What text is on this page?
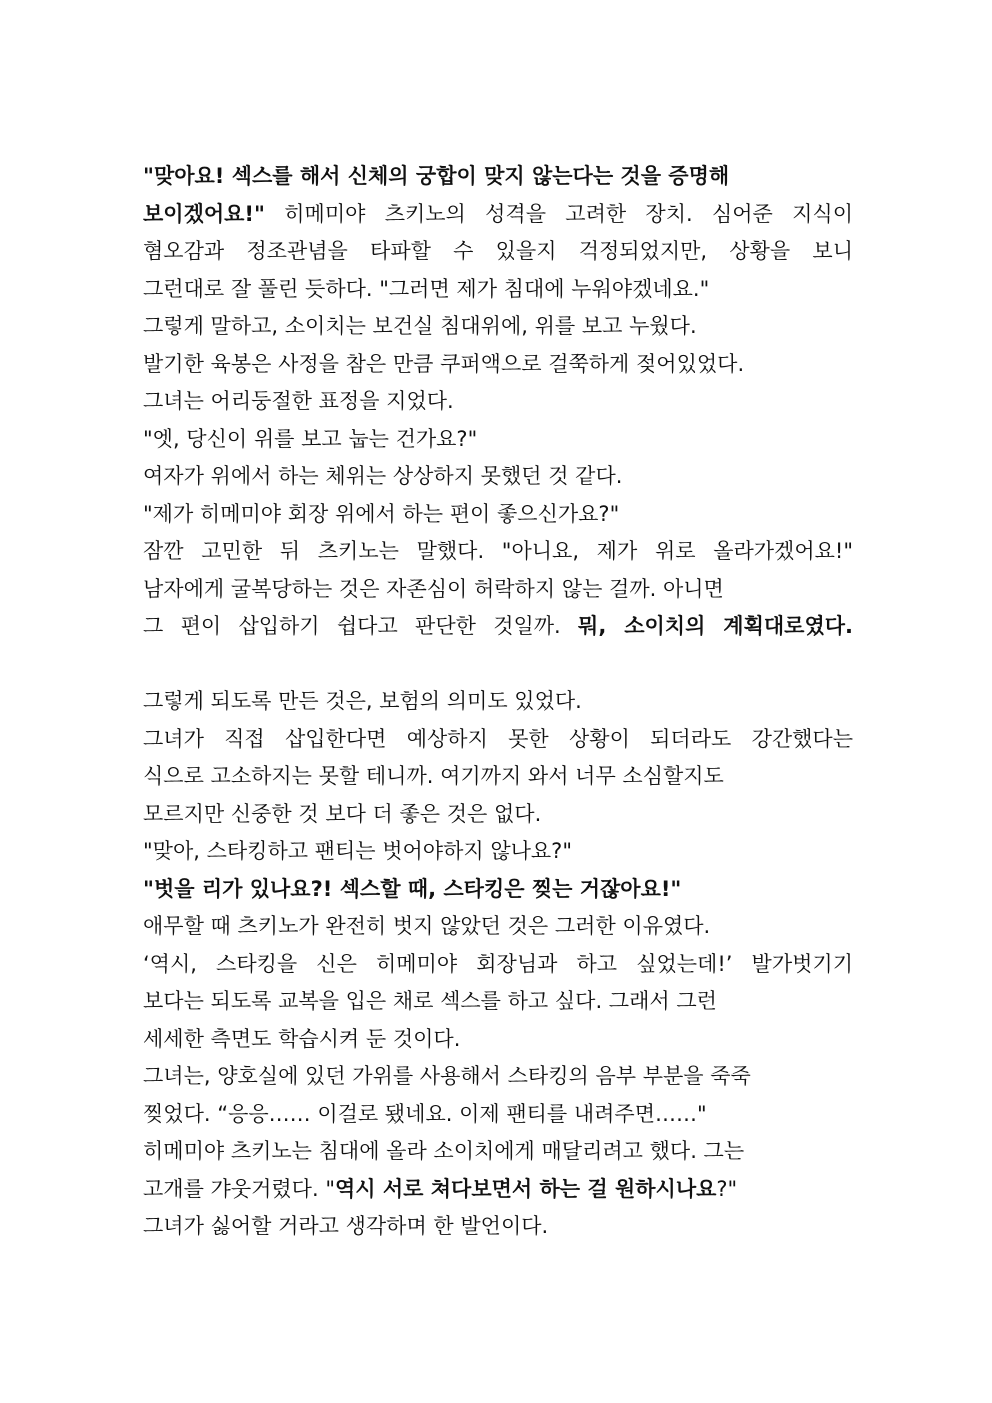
"맞아요! 섹스를 해서 신체의 궁합이 맞지 않는다는 것을 증명해
보이겠어요!" 히메미야 츠키노의 성격을 고려한 장치. 심어준 지식이
혐오감과 정조관념을 타파할 수 있을지 걱정되었지만, 상황을 보니
그런대로 잘 풀린 듯하다. "그러면 제가 침대에 누워야겠네요."
그렇게 말하고, 소이치는 보건실 침대위에, 위를 보고 누웠다.
발기한 육봉은 사정을 참은 만큼 쿠퍼액으로 걸쭉하게 젖어있었다.
그녀는 어리둥절한 표정을 지었다.
"엣, 당신이 위를 보고 눕는 건가요?"
여자가 위에서 하는 체위는 상상하지 못했던 것 같다.
"제가 히메미야 회장 위에서 하는 편이 좋으신가요?"
잠깐 고민한 뒤 츠키노는 말했다. "아니요, 제가 위로 올라가겠어요!"
남자에게 굴복당하는 것은 자존심이 허락하지 않는 걸까. 아니면
그 편이 삽입하기 쉽다고 판단한 것일까. 뭐, 소이치의 계획대로였다.
그렇게 되도록 만든 것은, 보험의 의미도 있었다.
그녀가 직접 삽입한다면 예상하지 못한 상황이 되더라도 강간했다는
식으로 고소하지는 못할 테니까. 여기까지 와서 너무 소심할지도
모르지만 신중한 것 보다 더 좋은 것은 없다.
"맞아, 스타킹하고 팬티는 벗어야하지 않나요?"
"벗을 리가 있나요?! 섹스할 때, 스타킹은 찢는 거잖아요!"
애무할 때 츠키노가 완전히 벗지 않았던 것은 그러한 이유였다.
‘역시, 스타킹을 신은 히메미야 회장님과 하고 싶었는데!’ 발가벗기기
보다는 되도록 교복을 입은 채로 섹스를 하고 싶다. 그래서 그런
세세한 측면도 학습시켜 둔 것이다.
그녀는, 양호실에 있던 가위를 사용해서 스타킹의 음부 부분을 죽죽
찢었다. “응응…… 이걸로 됐네요. 이제 팬티를 내려주면……"
히메미야 츠키노는 침대에 올라 소이치에게 매달리려고 했다. 그는
고개를 갸웃거렸다. "역시 서로 쳐다보면서 하는 걸 원하시나요?"
그녀가 싫어할 거라고 생각하며 한 발언이다.
